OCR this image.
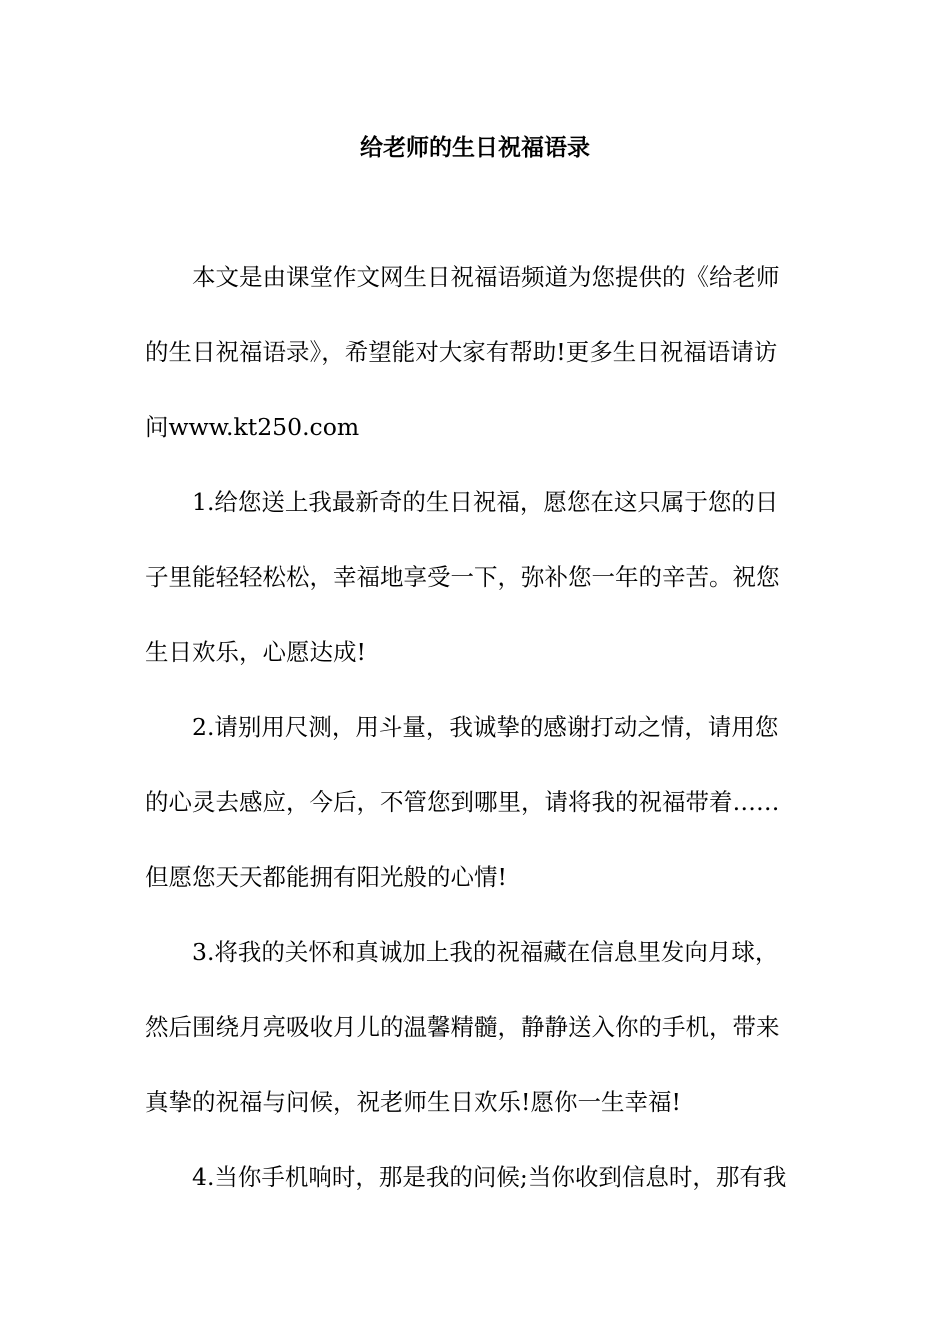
给老师的生日祝福语录
本文是由课堂作文网生日祝福语频道为您提供的《给老师
的生日祝福语录》，希望能对大家有帮助!更多生日祝福语请访
问www.kt250.com
1.给您送上我最新奇的生日祝福，愿您在这只属于您的日
子里能轻轻松松，幸福地享受一下，弥补您一年的辛苦。祝您
生日欢乐，心愿达成!
2.请别用尺测，用斗量，我诚挚的感谢打动之情，请用您
的心灵去感应，今后，不管您到哪里，请将我的祝福带着……
但愿您天天都能拥有阳光般的心情!
3.将我的关怀和真诚加上我的祝福藏在信息里发向月球，
然后围绕月亮吸收月儿的温馨精髓，静静送入你的手机，带来
真挚的祝福与问候，祝老师生日欢乐!愿你一生幸福!
4.当你手机响时，那是我的问候;当你收到信息时，那有我
